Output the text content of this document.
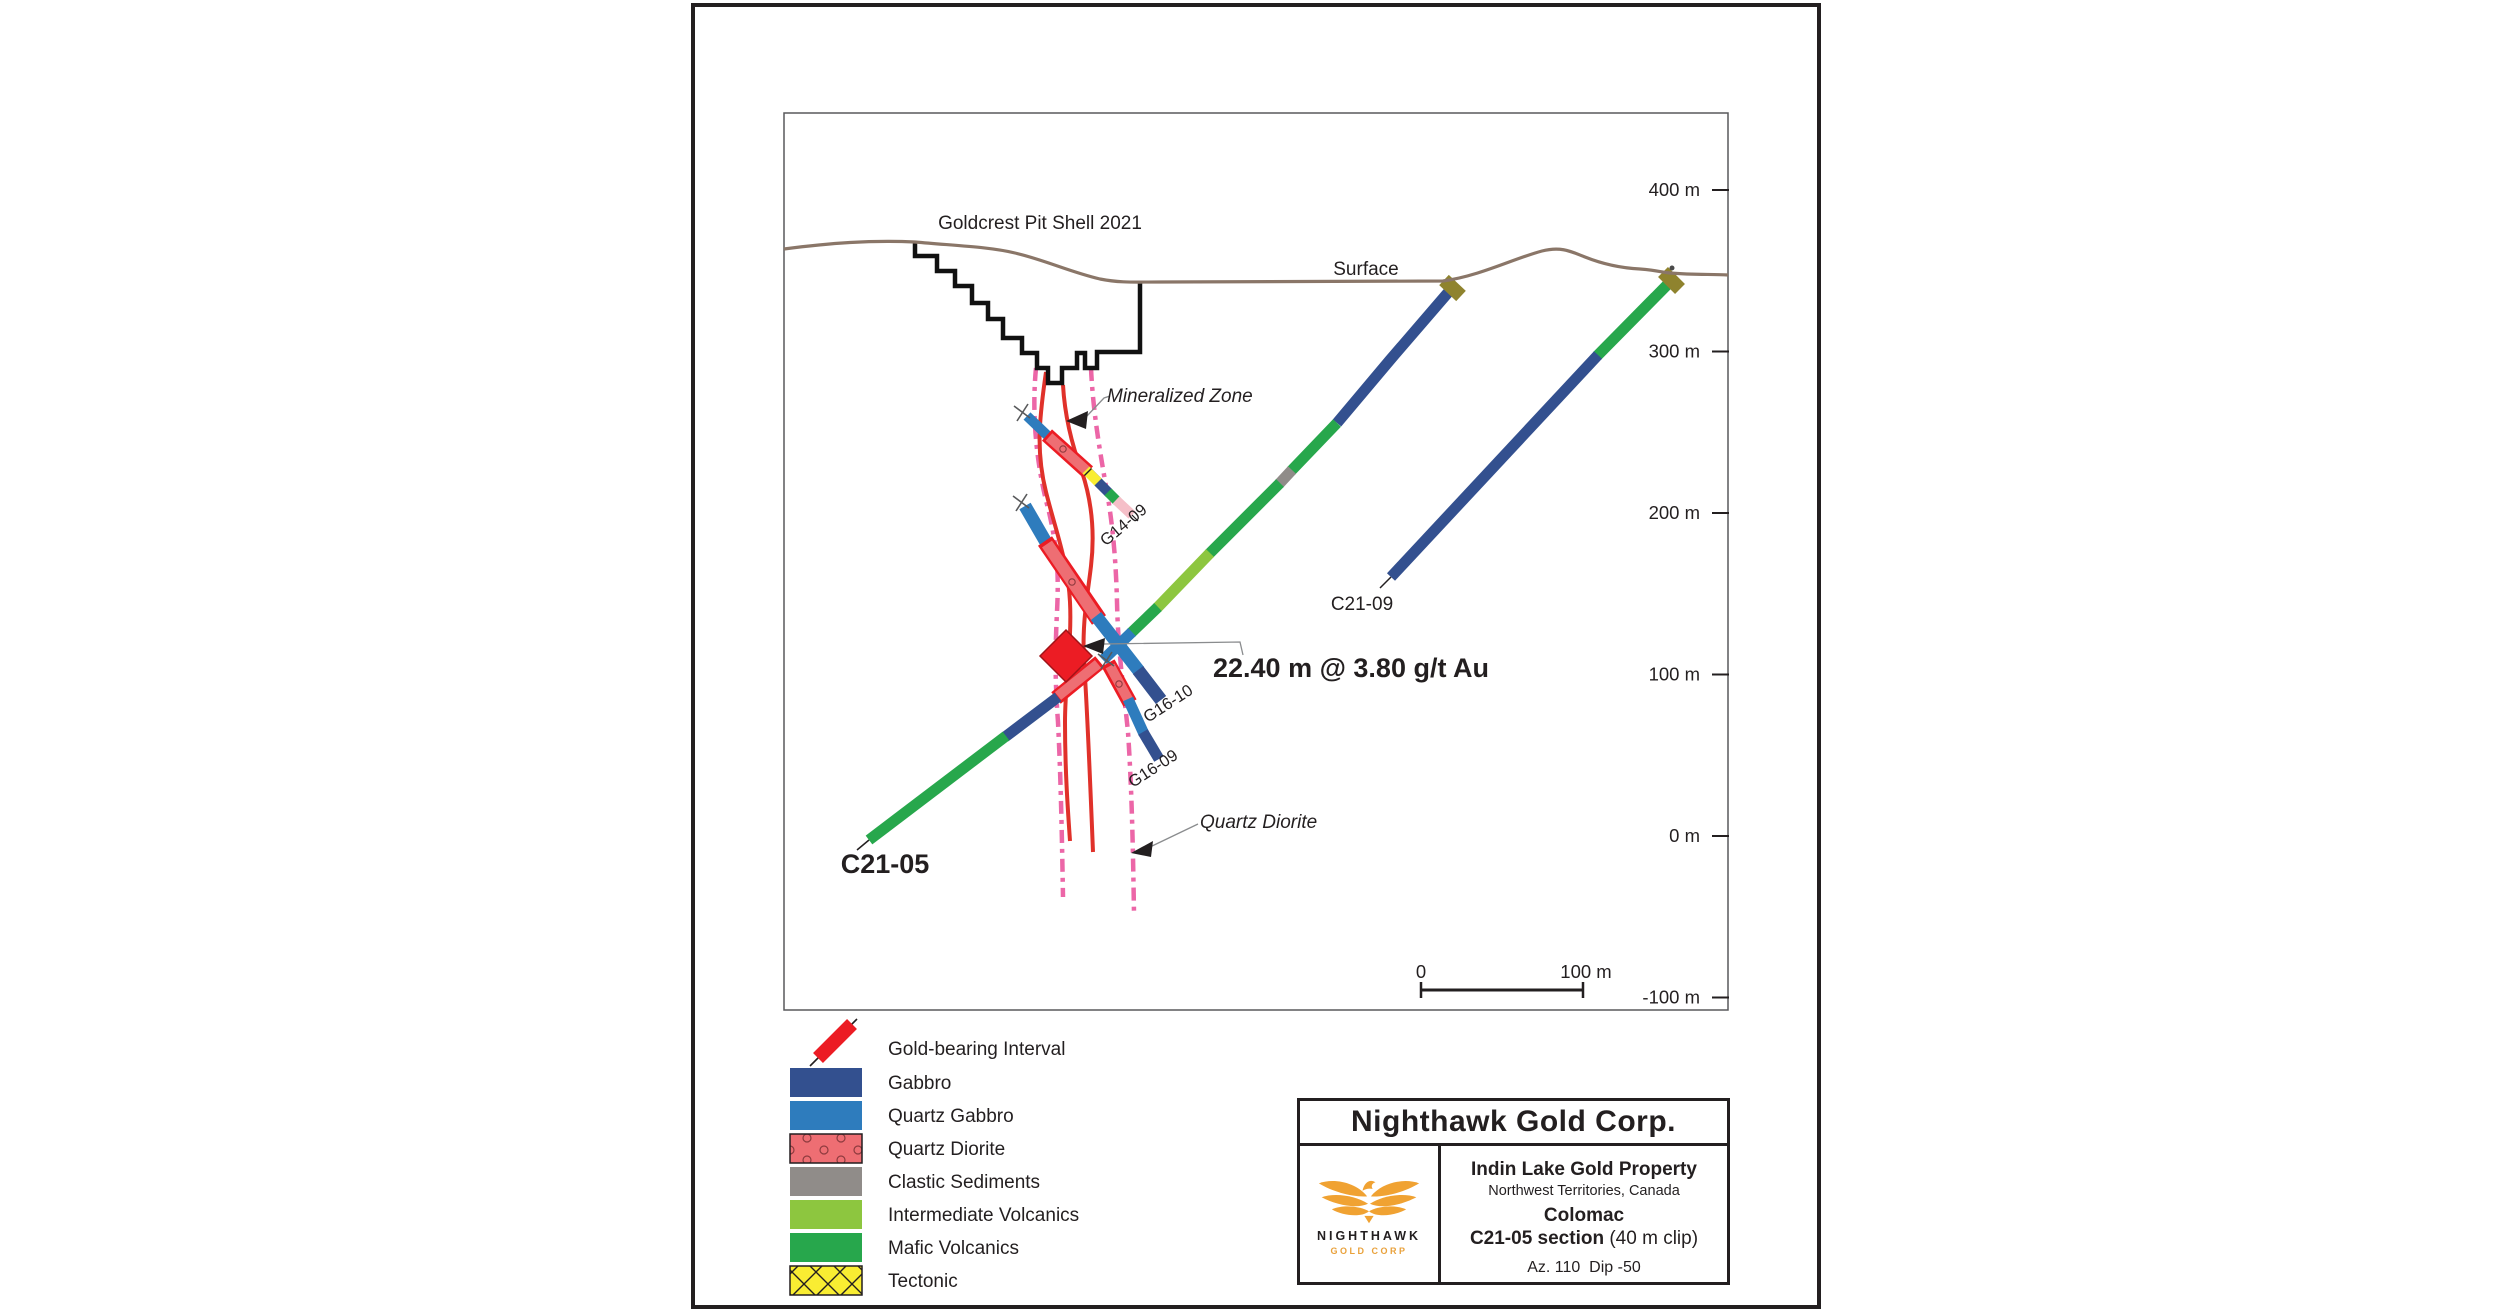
400 m
300 m
200 m
100 m
0 m
-100 m
Goldcrest Pit Shell 2021
Surface
Mineralized Zone
Quartz Diorite
22.40 m @ 3.80 g/t Au
C21-05
C21-09
G14-09
G16-10
G16-09
0	100 m
Gold-bearing Interval
Gabbro
Quartz Gabbro
Quartz Diorite
Clastic Sediments
Intermediate Volcanics
Mafic Volcanics
Tectonic
Nighthawk Gold Corp.
NIGHTHAWK
GOLD CORP
Indin Lake Gold Property
Northwest Territories, Canada
Colomac
C21-05 section (40 m clip)
Az. 110  Dip -50
